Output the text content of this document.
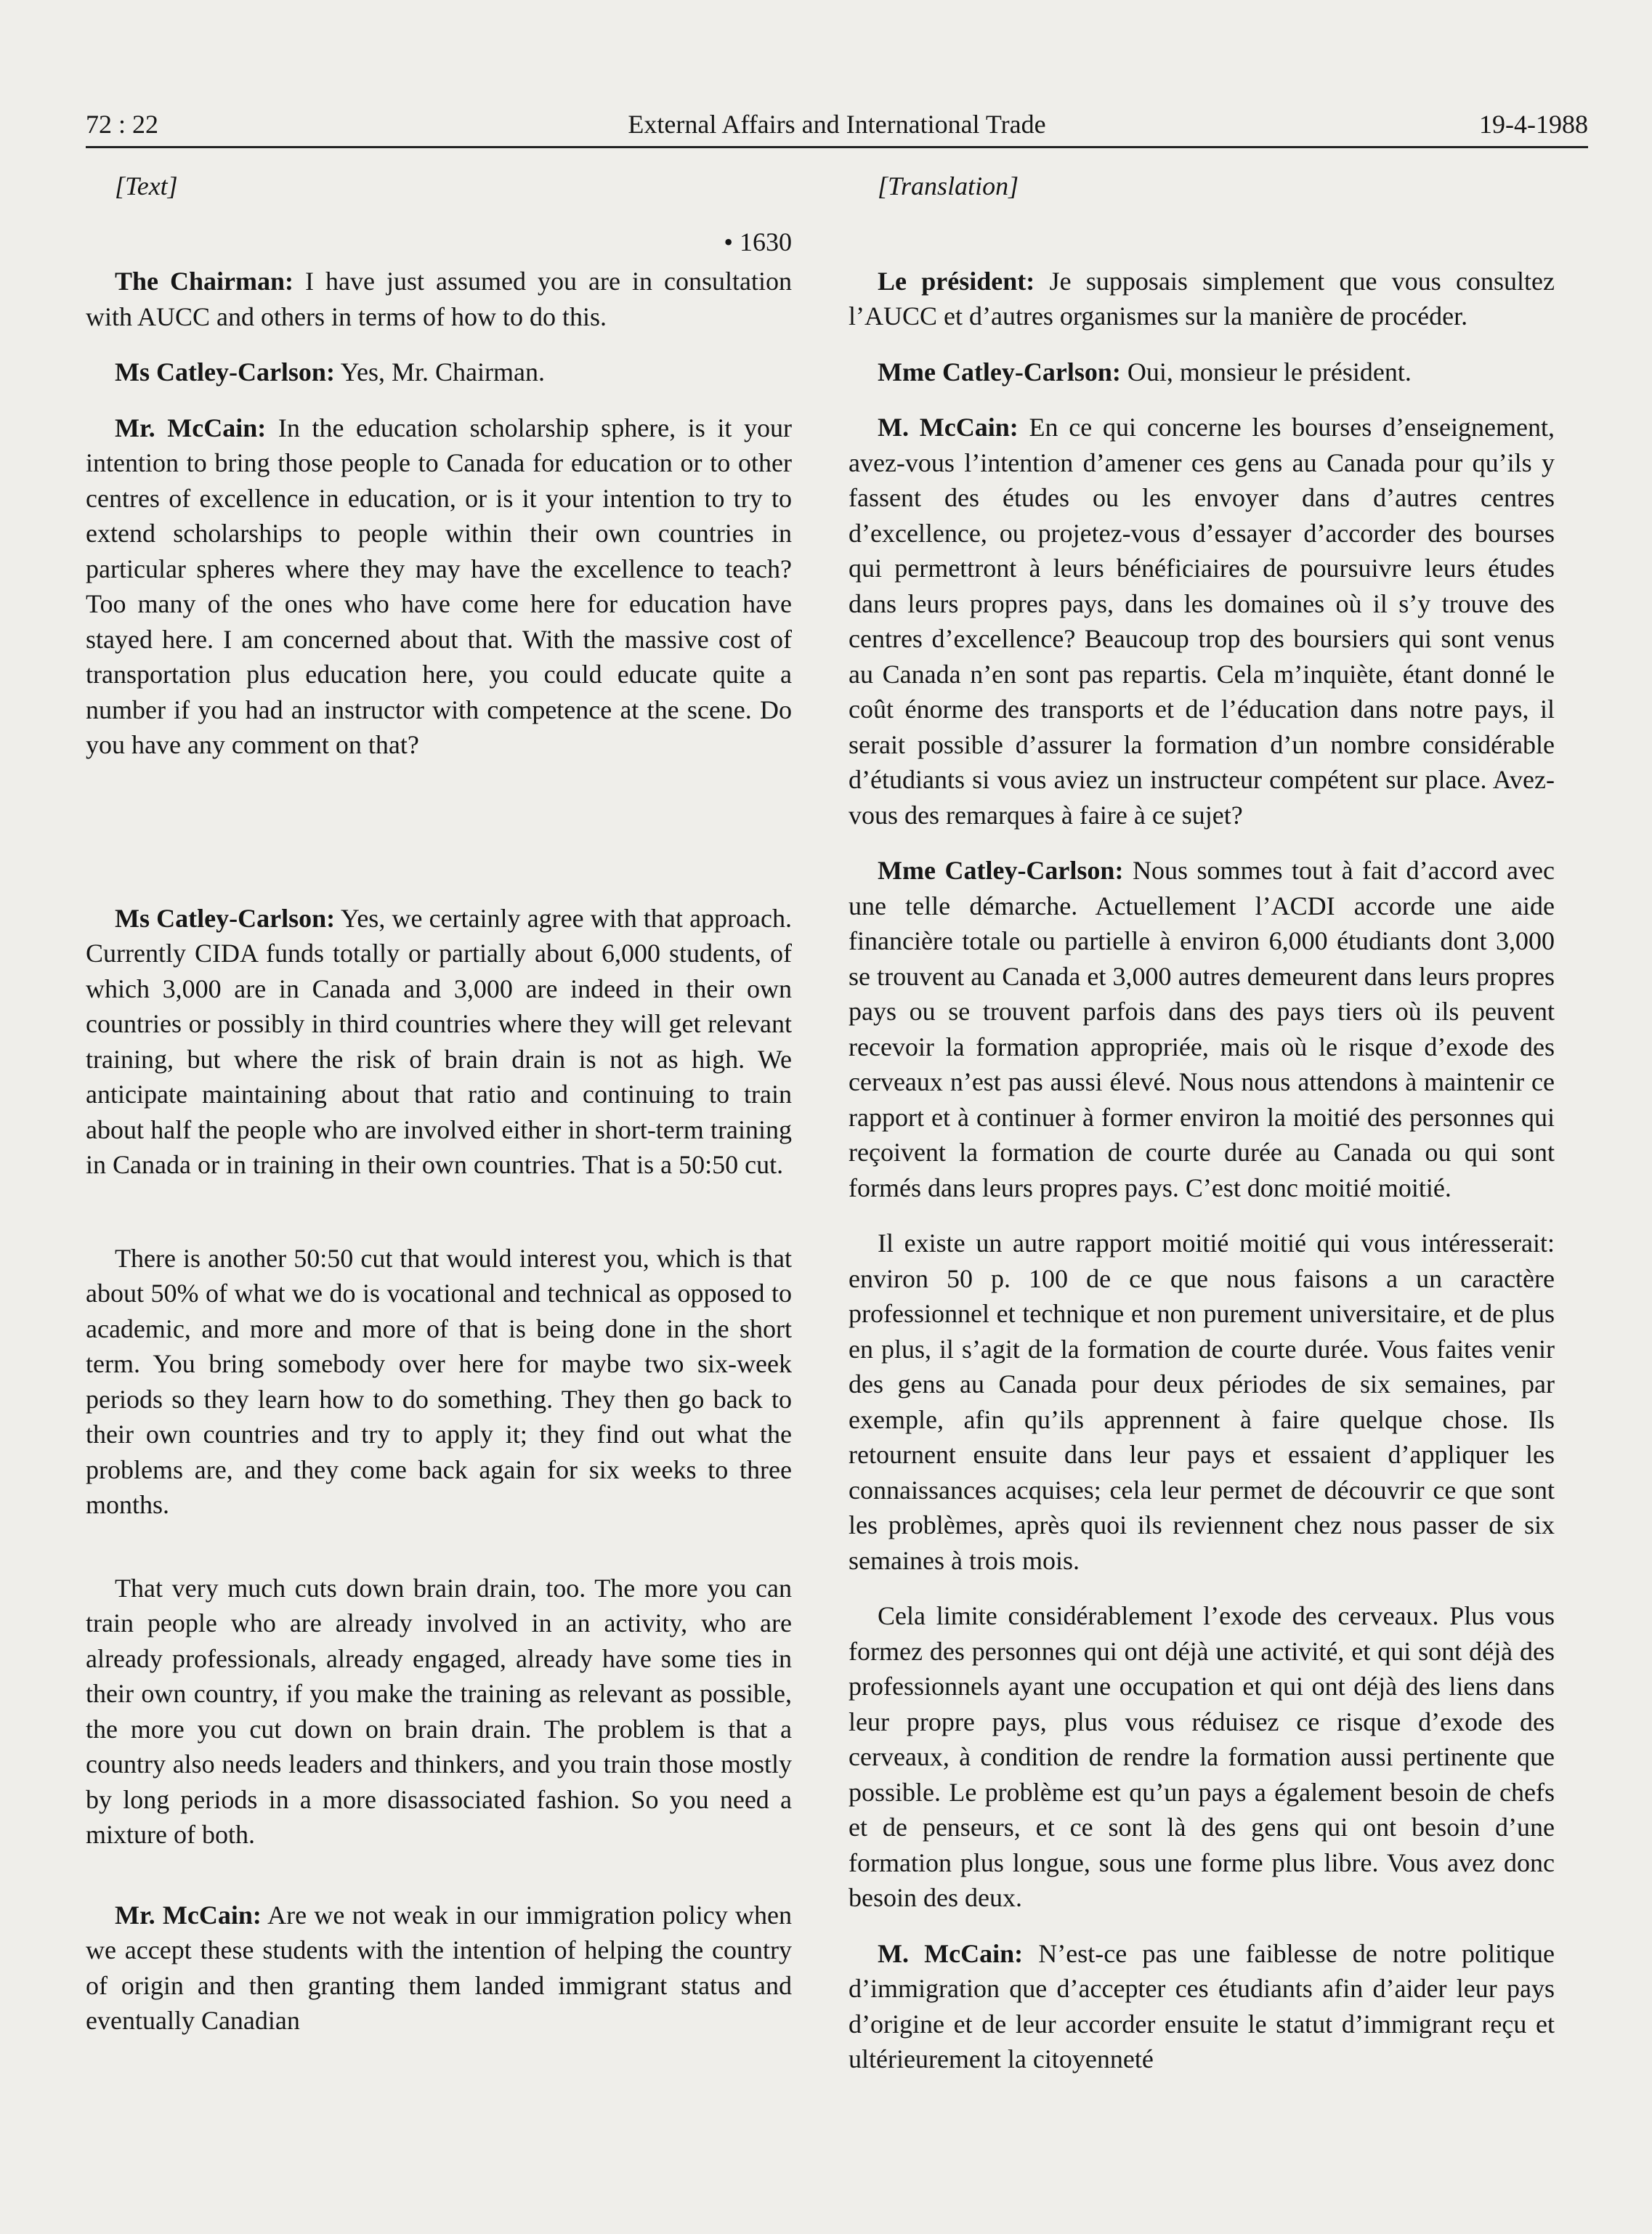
72 : 22	External Affairs and International Trade	19-4-1988

[Text]

• 1630

The Chairman: I have just assumed you are in consultation with AUCC and others in terms of how to do this.

Ms Catley-Carlson: Yes, Mr. Chairman.

Mr. McCain: In the education scholarship sphere, is it your intention to bring those people to Canada for education or to other centres of excellence in education, or is it your intention to try to extend scholarships to people within their own countries in particular spheres where they may have the excellence to teach? Too many of the ones who have come here for education have stayed here. I am concerned about that. With the massive cost of transportation plus education here, you could educate quite a number if you had an instructor with competence at the scene. Do you have any comment on that?

Ms Catley-Carlson: Yes, we certainly agree with that approach. Currently CIDA funds totally or partially about 6,000 students, of which 3,000 are in Canada and 3,000 are indeed in their own countries or possibly in third countries where they will get relevant training, but where the risk of brain drain is not as high. We anticipate maintaining about that ratio and continuing to train about half the people who are involved either in short-term training in Canada or in training in their own countries. That is a 50:50 cut.

There is another 50:50 cut that would interest you, which is that about 50% of what we do is vocational and technical as opposed to academic, and more and more of that is being done in the short term. You bring somebody over here for maybe two six-week periods so they learn how to do something. They then go back to their own countries and try to apply it; they find out what the problems are, and they come back again for six weeks to three months.

That very much cuts down brain drain, too. The more you can train people who are already involved in an activity, who are already professionals, already engaged, already have some ties in their own country, if you make the training as relevant as possible, the more you cut down on brain drain. The problem is that a country also needs leaders and thinkers, and you train those mostly by long periods in a more disassociated fashion. So you need a mixture of both.

Mr. McCain: Are we not weak in our immigration policy when we accept these students with the intention of helping the country of origin and then granting them landed immigrant status and eventually Canadian

[Translation]

Le président: Je supposais simplement que vous consultez l’AUCC et d’autres organismes sur la manière de procéder.

Mme Catley-Carlson: Oui, monsieur le président.

M. McCain: En ce qui concerne les bourses d’enseignement, avez-vous l’intention d’amener ces gens au Canada pour qu’ils y fassent des études ou les envoyer dans d’autres centres d’excellence, ou projetez-vous d’essayer d’accorder des bourses qui permettront à leurs bénéficiaires de poursuivre leurs études dans leurs propres pays, dans les domaines où il s’y trouve des centres d’excellence? Beaucoup trop des boursiers qui sont venus au Canada n’en sont pas repartis. Cela m’inquiète, étant donné le coût énorme des transports et de l’éducation dans notre pays, il serait possible d’assurer la formation d’un nombre considérable d’étudiants si vous aviez un instructeur compétent sur place. Avez-vous des remarques à faire à ce sujet?

Mme Catley-Carlson: Nous sommes tout à fait d’accord avec une telle démarche. Actuellement l’ACDI accorde une aide financière totale ou partielle à environ 6,000 étudiants dont 3,000 se trouvent au Canada et 3,000 autres demeurent dans leurs propres pays ou se trouvent parfois dans des pays tiers où ils peuvent recevoir la formation appropriée, mais où le risque d’exode des cerveaux n’est pas aussi élevé. Nous nous attendons à maintenir ce rapport et à continuer à former environ la moitié des personnes qui reçoivent la formation de courte durée au Canada ou qui sont formés dans leurs propres pays. C’est donc moitié moitié.

Il existe un autre rapport moitié moitié qui vous intéresserait: environ 50 p. 100 de ce que nous faisons a un caractère professionnel et technique et non purement universitaire, et de plus en plus, il s’agit de la formation de courte durée. Vous faites venir des gens au Canada pour deux périodes de six semaines, par exemple, afin qu’ils apprennent à faire quelque chose. Ils retournent ensuite dans leur pays et essaient d’appliquer les connaissances acquises; cela leur permet de découvrir ce que sont les problèmes, après quoi ils reviennent chez nous passer de six semaines à trois mois.

Cela limite considérablement l’exode des cerveaux. Plus vous formez des personnes qui ont déjà une activité, et qui sont déjà des professionnels ayant une occupation et qui ont déjà des liens dans leur propre pays, plus vous réduisez ce risque d’exode des cerveaux, à condition de rendre la formation aussi pertinente que possible. Le problème est qu’un pays a également besoin de chefs et de penseurs, et ce sont là des gens qui ont besoin d’une formation plus longue, sous une forme plus libre. Vous avez donc besoin des deux.

M. McCain: N’est-ce pas une faiblesse de notre politique d’immigration que d’accepter ces étudiants afin d’aider leur pays d’origine et de leur accorder ensuite le statut d’immigrant reçu et ultérieurement la citoyenneté
